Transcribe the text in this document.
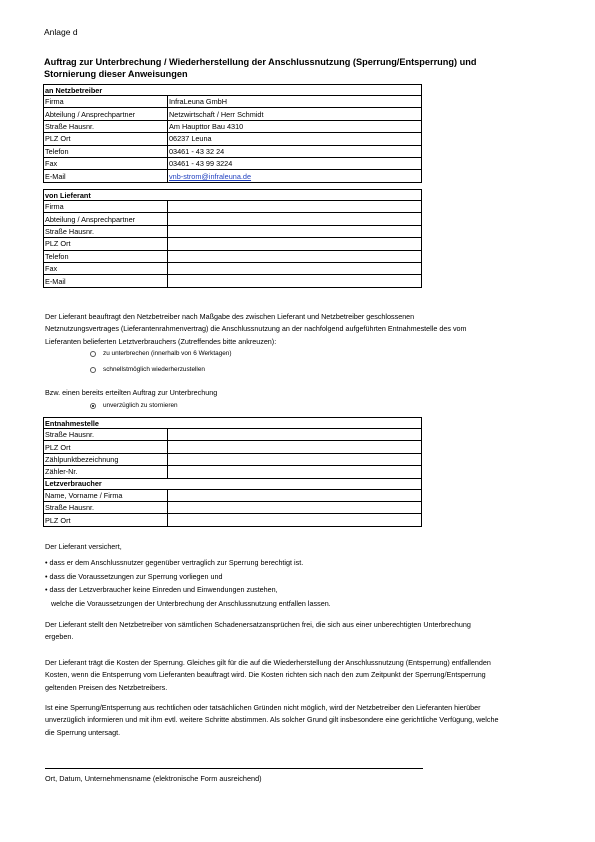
Anlage d
Auftrag zur Unterbrechung / Wiederherstellung der Anschlussnutzung (Sperrung/Entsperrung) und Stornierung dieser Anweisungen
an Netzbetreiber	
Firma	InfraLeuna GmbH
Abteilung / Ansprechpartner	Netzwirtschaft / Herr Schmidt
Straße Hausnr.	Am Haupttor Bau 4310
PLZ Ort	06237 Leuna
Telefon	03461 - 43 32 24
Fax	03461 - 43 99 3224
E-Mail	vnb-strom@infraleuna.de
von Lieferant	
Firma	
Abteilung / Ansprechpartner	
Straße Hausnr.	
PLZ Ort	
Telefon	
Fax	
E-Mail	
Der Lieferant beauftragt den Netzbetreiber nach Maßgabe des zwischen Lieferant und Netzbetreiber geschlossenen Netznutzungsvertrages (Lieferantenrahmenvertrag) die Anschlussnutzung an der nachfolgend aufgeführten Entnahmestelle des vom Lieferanten belieferten Letztverbrauchers (Zutreffendes bitte ankreuzen):
zu unterbrechen (innerhalb von 6 Werktagen)
schnellstmöglich wiederherzustellen
Bzw. einen bereits erteilten Auftrag zur Unterbrechung
unverzüglich zu stornieren
Entnahmestelle	
Straße Hausnr.	
PLZ Ort	
Zählpunktbezeichnung	
Zähler-Nr.	
Letzverbraucher	
Name, Vorname / Firma	
Straße Hausnr.	
PLZ Ort	
Der Lieferant versichert,
• dass er dem Anschlussnutzer gegenüber vertraglich zur Sperrung berechtigt ist.
• dass die Voraussetzungen zur Sperrung vorliegen und
• dass der Letzverbraucher keine Einreden und Einwendungen zustehen,
welche die Voraussetzungen der Unterbrechung der Anschlussnutzung entfallen lassen.
Der Lieferant stellt den Netzbetreiber von sämtlichen Schadenersatzansprüchen frei, die sich aus einer unberechtigten Unterbrechung ergeben.
Der Lieferant trägt die Kosten der Sperrung. Gleiches gilt für die auf die Wiederherstellung der Anschlussnutzung (Entsperrung) entfallenden Kosten, wenn die Entsperrung vom Lieferanten beauftragt wird. Die Kosten richten sich nach den zum Zeitpunkt der Sperrung/Entsperrung geltenden Preisen des Netzbetreibers.
Ist eine Sperrung/Entsperrung aus rechtlichen oder tatsächlichen Gründen nicht möglich, wird der Netzbetreiber den Lieferanten hierüber unverzüglich informieren und mit ihm evtl. weitere Schritte abstimmen. Als solcher Grund gilt insbesondere eine gerichtliche Verfügung, welche die Sperrung untersagt.
Ort, Datum, Unternehmensname (elektronische Form ausreichend)
